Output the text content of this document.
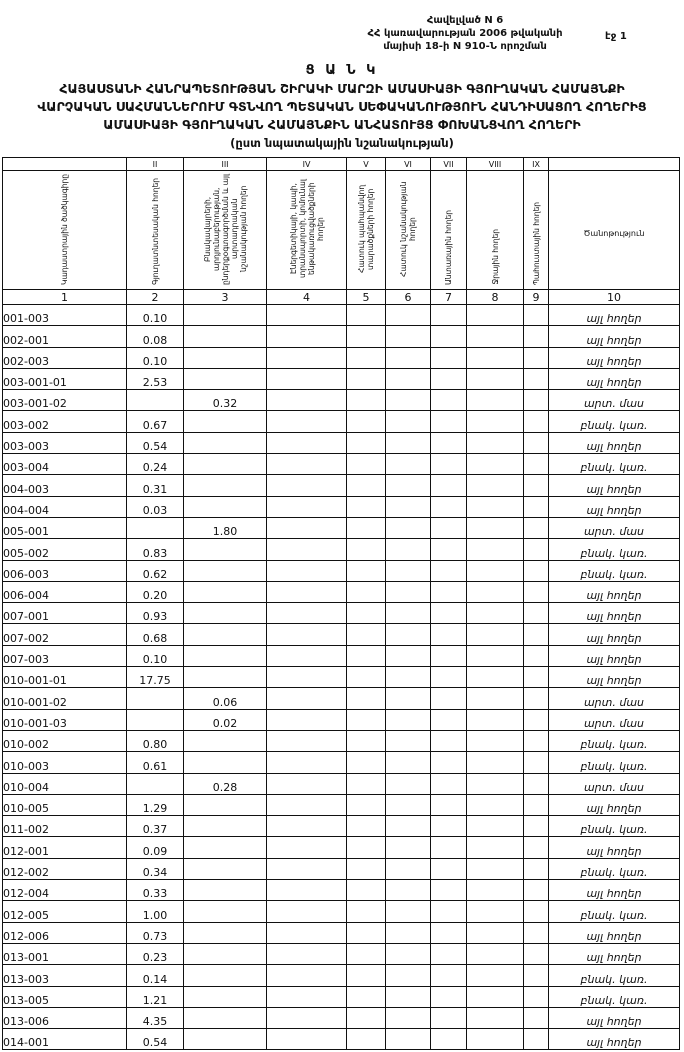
Հավելված N 6
ՀՀ կառավարության 2006 թվականի
մայիսի 18-ի N 910-Ն որոշման
էջ 1
Ց Ա Ն Կ
ՀԱՅԱՍՏԱՆԻ ՀԱՆՐԱՊԵՏՈՒԹՅԱՆ ՇԻՐԱԿԻ ՄԱՐԶԻ ԱՄԱՍԻԱՅԻ ԳՅՈՒՂԱԿԱՆ ՀԱՄԱՅՆՔԻ
ՎԱՐՉԱԿԱՆ ՍԱՀՄԱՆՆԵՐՈՒՄ ԳՏՆՎՈՂ ՊԵՏԱԿԱՆ ՍԵՓԱԿԱՆՈՒԹՅՈՒՆ ՀԱՆԴԻՍԱՑՈՂ ՀՈՂԵՐԻՑ
ԱՄԱՍԻԱՅԻ ԳՅՈՒՂԱԿԱՆ ՀԱՄԱՅՆՔԻՆ ԱՆՀԱՏՈՒՅՑ ՓՈԽԱՆՑՎՈՂ ՀՈՂԵՐԻ
(ըստ նպատակային նշանակության)
	II	III	IV	V	VI	VII	VIII	IX	
Կադաստրային ծածկագիրը	Գյուղատնտեսական հողեր	Բնակավայրերի, արդյունաբերության, ընդերքօգտագործման և այլ արտադրական նշանակության հողեր	Էներգետիկայի, կապի, տրանսպորտի, կոմունալ ենթակառուցվածքների հողեր	Հատուկ պահպանվող տարածքների հողեր	Հատուկ նշանակության հողեր	Անտառային հողեր	Ջրային հողեր	Պահուստային հողեր	Ծանոթություն
1	2	3	4	5	6	7	8	9	10
001-003	0.10								այլ հողեր
002-001	0.08								այլ հողեր
002-003	0.10								այլ հողեր
003-001-01	2.53								այլ հողեր
003-001-02		0.32							արտ. մաս
003-002	0.67								բնակ. կառ.
003-003	0.54								այլ հողեր
003-004	0.24								բնակ. կառ.
004-003	0.31								այլ հողեր
004-004	0.03								այլ հողեր
005-001		1.80							արտ. մաս
005-002	0.83								բնակ. կառ.
006-003	0.62								բնակ. կառ.
006-004	0.20								այլ հողեր
007-001	0.93								այլ հողեր
007-002	0.68								այլ հողեր
007-003	0.10								այլ հողեր
010-001-01	17.75								այլ հողեր
010-001-02		0.06							արտ. մաս
010-001-03		0.02							արտ. մաս
010-002	0.80								բնակ. կառ.
010-003	0.61								բնակ. կառ.
010-004		0.28							արտ. մաս
010-005	1.29								այլ հողեր
011-002	0.37								բնակ. կառ.
012-001	0.09								այլ հողեր
012-002	0.34								բնակ. կառ.
012-004	0.33								այլ հողեր
012-005	1.00								բնակ. կառ.
012-006	0.73								այլ հողեր
013-001	0.23								այլ հողեր
013-003	0.14								բնակ. կառ.
013-005	1.21								բնակ. կառ.
013-006	4.35								այլ հողեր
014-001	0.54								այլ հողեր
